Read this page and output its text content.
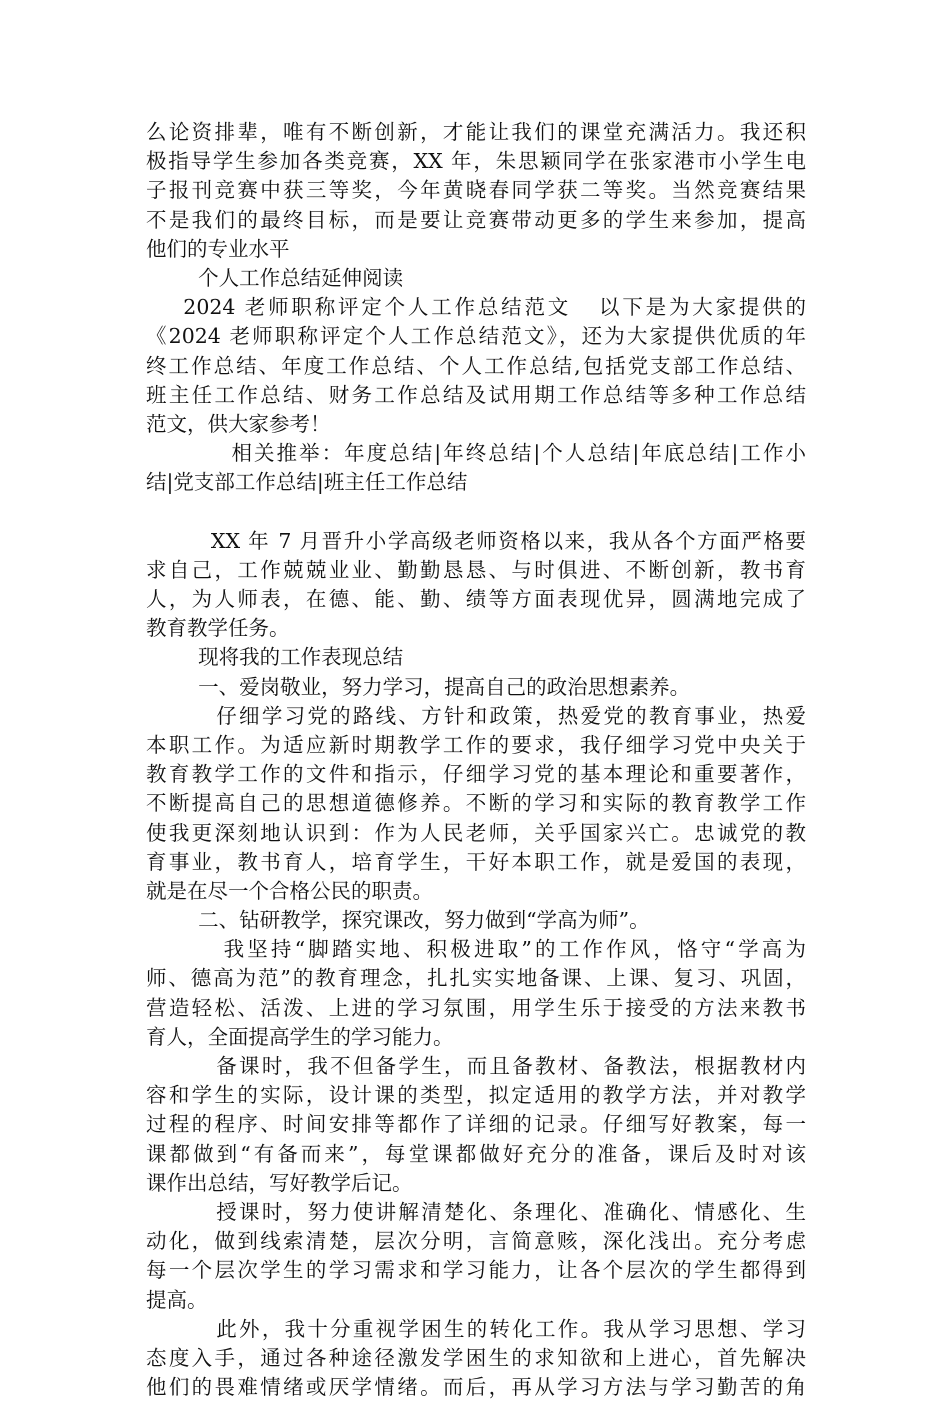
么论资排辈，唯有不断创新，才能让我们的课堂充满活力。我还积
极指导学生参加各类竞赛，XX 年，朱思颖同学在张家港市小学生电
子报刊竞赛中获三等奖，今年黄晓春同学获二等奖。当然竞赛结果
不是我们的最终目标，而是要让竞赛带动更多的学生来参加，提高
他们的专业水平
个人工作总结延伸阅读
2024 老师职称评定个人工作总结范文   以下是为大家提供的
《2024 老师职称评定个人工作总结范文》，还为大家提供优质的年
终工作总结、年度工作总结、个人工作总结,包括党支部工作总结、
班主任工作总结、财务工作总结及试用期工作总结等多种工作总结
范文，供大家参考！
相关推举：年度总结|年终总结|个人总结|年底总结|工作小
结|党支部工作总结|班主任工作总结
XX 年 7 月晋升小学高级老师资格以来，我从各个方面严格要
求自己，工作兢兢业业、勤勤恳恳、与时俱进、不断创新，教书育
人，为人师表，在德、能、勤、绩等方面表现优异，圆满地完成了
教育教学任务。
现将我的工作表现总结
一、爱岗敬业，努力学习，提高自己的政治思想素养。
仔细学习党的路线、方针和政策，热爱党的教育事业，热爱
本职工作。为适应新时期教学工作的要求，我仔细学习党中央关于
教育教学工作的文件和指示，仔细学习党的基本理论和重要著作，
不断提高自己的思想道德修养。不断的学习和实际的教育教学工作
使我更深刻地认识到：作为人民老师，关乎国家兴亡。忠诚党的教
育事业，教书育人，培育学生，干好本职工作，就是爱国的表现，
就是在尽一个合格公民的职责。
二、钻研教学，探究课改，努力做到“学高为师”。
我坚持“脚踏实地、积极进取”的工作作风，恪守“学高为
师、德高为范”的教育理念，扎扎实实地备课、上课、复习、巩固，
营造轻松、活泼、上进的学习氛围，用学生乐于接受的方法来教书
育人，全面提高学生的学习能力。
备课时，我不但备学生，而且备教材、备教法，根据教材内
容和学生的实际，设计课的类型，拟定适用的教学方法，并对教学
过程的程序、时间安排等都作了详细的记录。仔细写好教案，每一
课都做到“有备而来”，每堂课都做好充分的准备，课后及时对该
课作出总结，写好教学后记。
授课时，努力使讲解清楚化、条理化、准确化、情感化、生
动化，做到线索清楚，层次分明，言简意赅，深化浅出。充分考虑
每一个层次学生的学习需求和学习能力，让各个层次的学生都得到
提高。
此外，我十分重视学困生的转化工作。我从学习思想、学习
态度入手，通过各种途径激发学困生的求知欲和上进心，首先解决
他们的畏难情绪或厌学情绪。而后，再从学习方法与学习勤苦的角
